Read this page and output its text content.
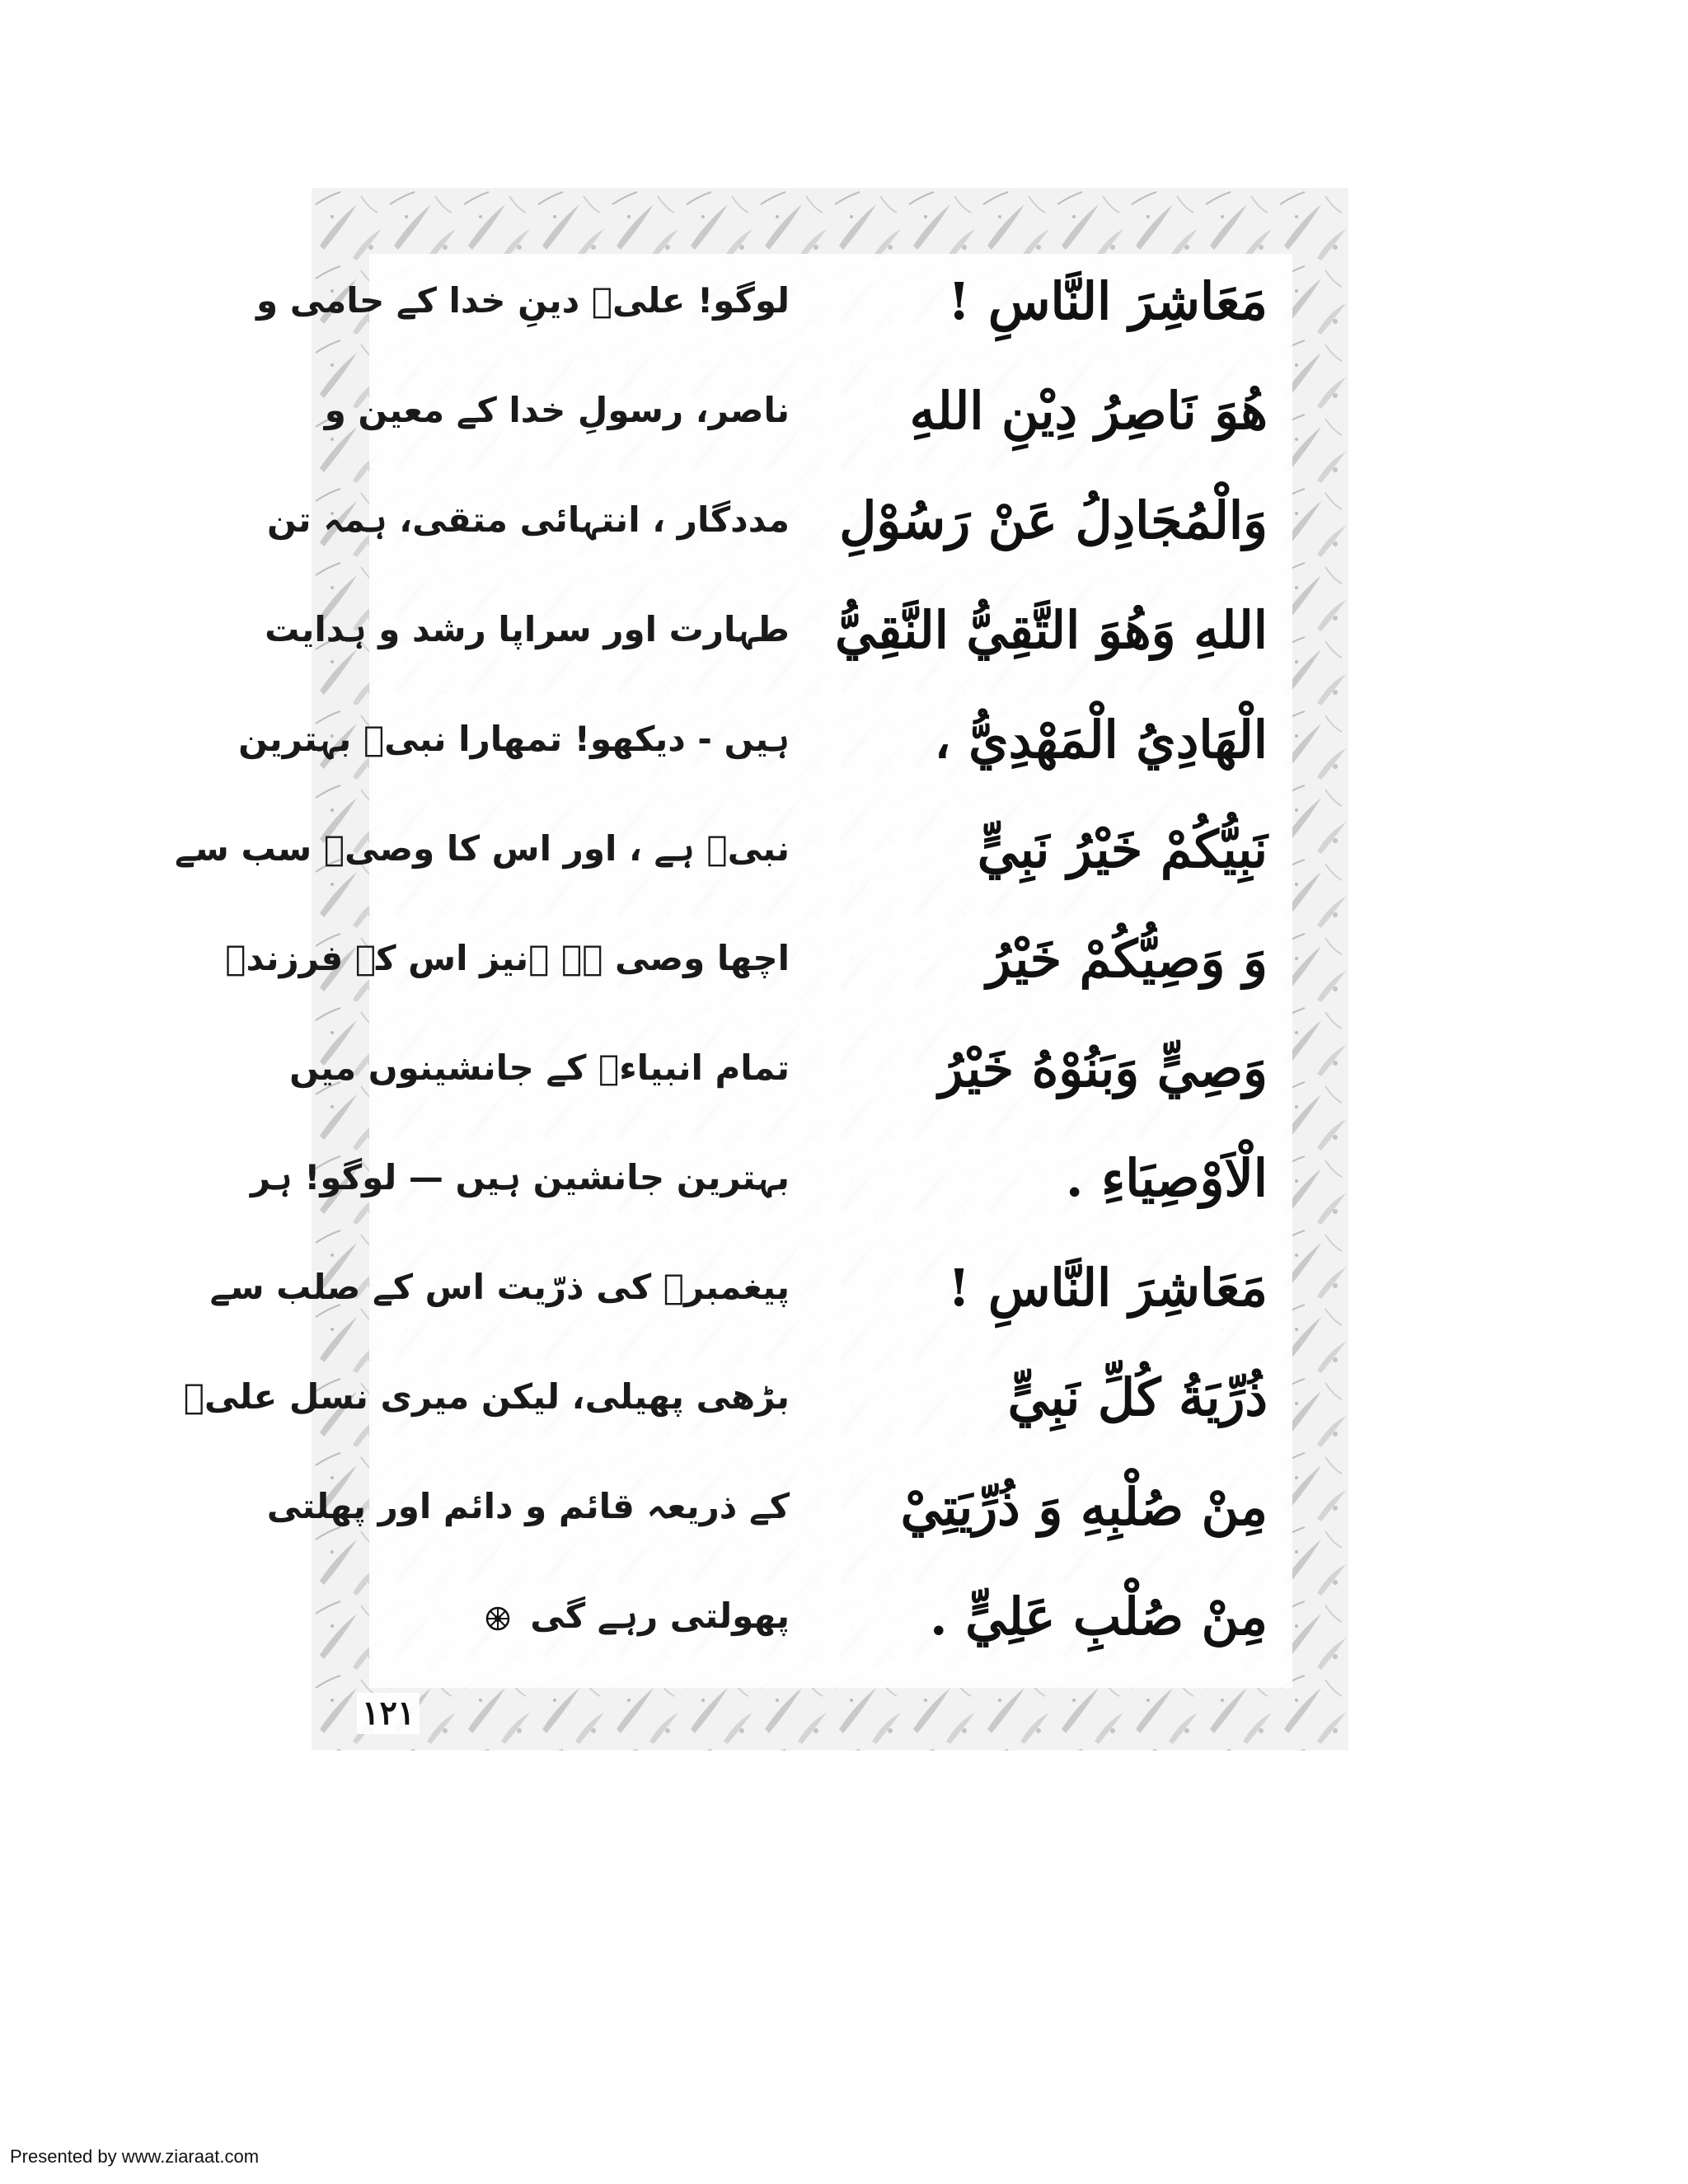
مَعَاشِرَ النَّاسِ !
لوگو! علیؑ دینِ خدا کے حامی و
هُوَ نَاصِرُ دِيْنِ اللهِ
ناصر، رسولِ خدا کے معین و
وَالْمُجَادِلُ عَنْ رَسُوْلِ
مددگار ، انتہائی متقی، ہمہ تن
اللهِ وَهُوَ التَّقِيُّ النَّقِيُّ
طہارت اور سراپا رشد و ہدایت
الْهَادِيُ الْمَهْدِيُّ ،
ہیں - دیکھو! تمھارا نبیؐ بہترین
نَبِيُّكُمْ خَيْرُ نَبِيٍّ
نبیؐ ہے ، اور اس کا وصیؑ سب سے
وَ وَصِيُّكُمْ خَيْرُ
اچھا وصی ہے ۔نیز اس کے فرزندؑ
وَصِيٍّ وَبَنُوْهُ خَيْرُ
تمام انبیاءؑ کے جانشینوں میں
الْاَوْصِيَاءِ .
بہترین جانشین ہیں — لوگو! ہر
مَعَاشِرَ النَّاسِ !
پیغمبرؐ کی ذرّیت اس کے صلب سے
ذُرِّيَةُ كُلِّ نَبِيٍّ
بڑھی پھیلی، لیکن میری نسل علیؑ
مِنْ صُلْبِهِ وَ ذُرِّيَتِيْ
کے ذریعہ قائم و دائم اور پھلتی
مِنْ صُلْبِ عَلِيٍّ .
پھولتی رہے گی
۱۲۱
Presented by www.ziaraat.com
